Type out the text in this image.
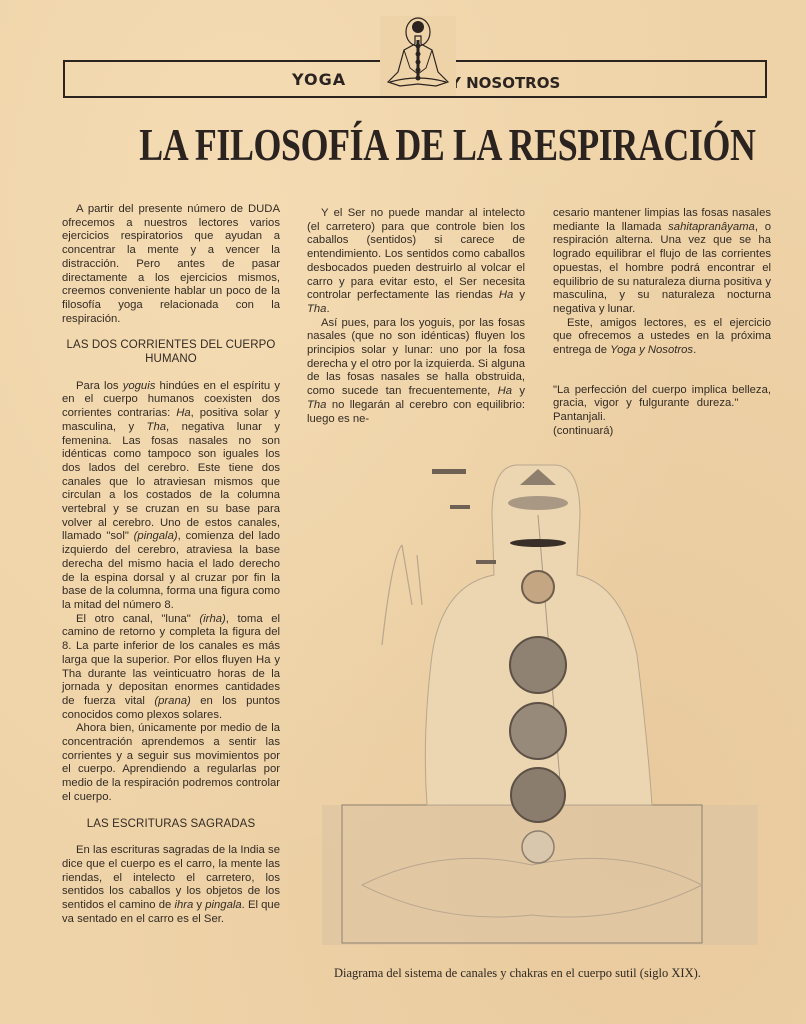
YOGA	Y NOSOTROS
LA FILOSOFÍA DE LA RESPIRACIÓN

A partir del presente número de DUDA ofrecemos a nuestros lectores varios ejercicios respiratorios que ayudan a concentrar la mente y a vencer la distracción. Pero antes de pasar directamente a los ejercicios mismos, creemos conveniente hablar un poco de la filosofía yoga relacionada con la respiración.

LAS DOS CORRIENTES DEL CUERPO HUMANO

Para los yoguis hindúes en el espíritu y en el cuerpo humanos coexisten dos corrientes contrarias: Ha, positiva solar y masculina, y Tha, negativa lunar y femenina. Las fosas nasales no son idénticas como tampoco son iguales los dos lados del cerebro. Este tiene dos canales que lo atraviesan mismos que circulan a los costados de la columna vertebral y se cruzan en su base para volver al cerebro. Uno de estos canales, llamado "sol" (pingala), comienza del lado izquierdo del cerebro, atraviesa la base derecha del mismo hacia el lado derecho de la espina dorsal y al cruzar por fin la base de la columna, forma una figura como la mitad del número 8.

El otro canal, "luna" (irha), toma el camino de retorno y completa la figura del 8. La parte inferior de los canales es más larga que la superior. Por ellos fluyen Ha y Tha durante las veinticuatro horas de la jornada y depositan enormes cantidades de fuerza vital (prana) en los puntos conocidos como plexos solares.

Ahora bien, únicamente por medio de la concentración aprendemos a sentir las corrientes y a seguir sus movimientos por el cuerpo. Aprendiendo a regularlas por medio de la respiración podremos controlar el cuerpo.

LAS ESCRITURAS SAGRADAS

En las escrituras sagradas de la India se dice que el cuerpo es el carro, la mente las riendas, el intelecto el carretero, los sentidos los caballos y los objetos de los sentidos el camino de ihra y pingala. El que va sentado en el carro es el Ser.

Y el Ser no puede mandar al intelecto (el carretero) para que controle bien los caballos (sentidos) si carece de entendimiento. Los sentidos como caballos desbocados pueden destruirlo al volcar el carro y para evitar esto, el Ser necesita controlar perfectamente las riendas Ha y Tha.

Así pues, para los yoguis, por las fosas nasales (que no son idénticas) fluyen los principios solar y lunar: uno por la fosa derecha y el otro por la izquierda. Si alguna de las fosas nasales se halla obstruida, como sucede tan frecuentemente, Ha y Tha no llegarán al cerebro con equilibrio: luego es ne-

cesario mantener limpias las fosas nasales mediante la llamada sahitapranâyama, o respiración alterna. Una vez que se ha logrado equilibrar el flujo de las corrientes opuestas, el hombre podrá encontrar el equilibrio de su naturaleza diurna positiva y masculina, y su naturaleza nocturna negativa y lunar.

Este, amigos lectores, es el ejercicio que ofrecemos a ustedes en la próxima entrega de Yoga y Nosotros.

"La perfección del cuerpo implica belleza, gracia, vigor y fulgurante dureza."      Pantanjali.

(continuará)

Diagrama del sistema de canales y chakras en el cuerpo sutil (siglo XIX).
